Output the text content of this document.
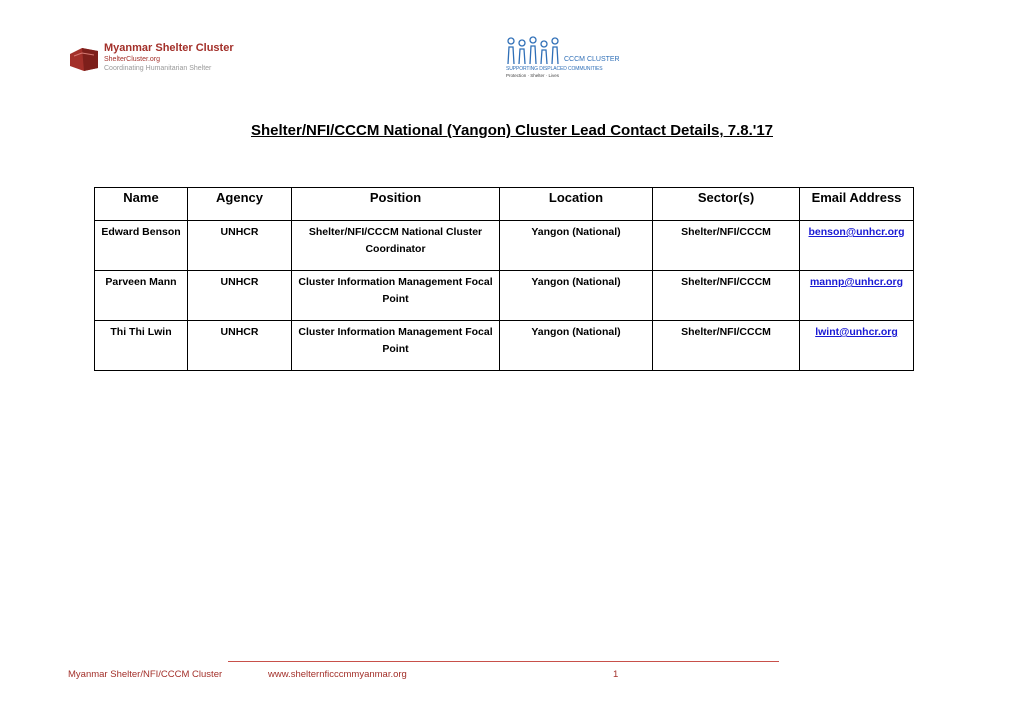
Myanmar Shelter Cluster
ShelterCluster.org
Coordinating Humanitarian Shelter
CCCM CLUSTER
SUPPORTING DISPLACED COMMUNITIES
Protection · Shelter · Lives
Shelter/NFI/CCCM National (Yangon) Cluster Lead Contact Details, 7.8.'17
Name	Agency	Position	Location	Sector(s)	Email Address
Edward Benson	UNHCR	Shelter/NFI/CCCM National Cluster Coordinator	Yangon (National)	Shelter/NFI/CCCM	benson@unhcr.org
Parveen Mann	UNHCR	Cluster Information Management Focal Point	Yangon (National)	Shelter/NFI/CCCM	mannp@unhcr.org
Thi Thi Lwin	UNHCR	Cluster Information Management Focal Point	Yangon (National)	Shelter/NFI/CCCM	lwint@unhcr.org
Myanmar Shelter/NFI/CCCM Cluster	www.shelternficccmmyanmar.org	1
